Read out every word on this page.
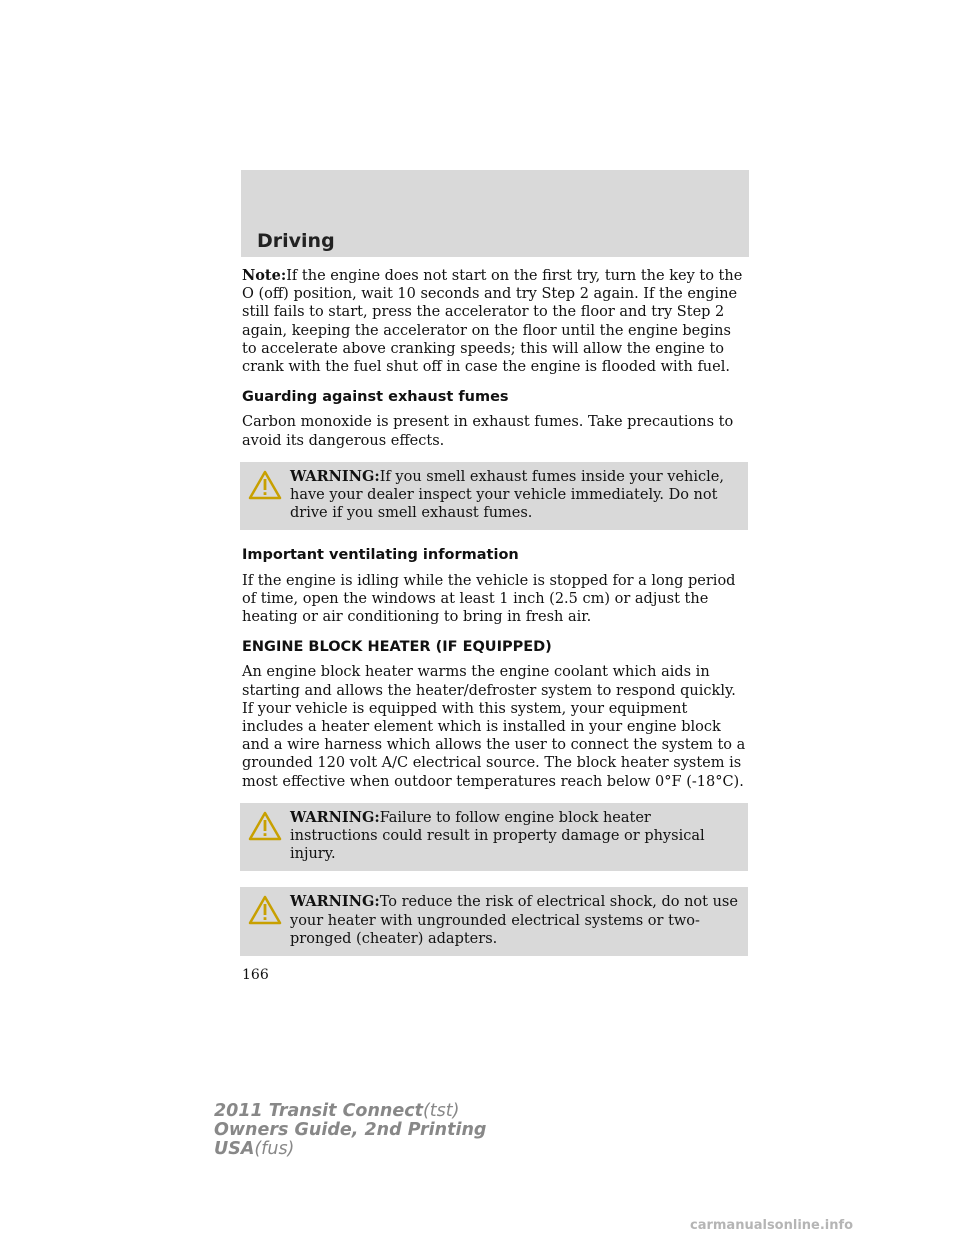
Driving

Note:If the engine does not start on the first try, turn the key to the O (off) position, wait 10 seconds and try Step 2 again. If the engine still fails to start, press the accelerator to the floor and try Step 2 again, keeping the accelerator on the floor until the engine begins to accelerate above cranking speeds; this will allow the engine to crank with the fuel shut off in case the engine is flooded with fuel.

Guarding against exhaust fumes

Carbon monoxide is present in exhaust fumes. Take precautions to avoid its dangerous effects.

WARNING:If you smell exhaust fumes inside your vehicle, have your dealer inspect your vehicle immediately. Do not drive if you smell exhaust fumes.
Important ventilating information

If the engine is idling while the vehicle is stopped for a long period of time, open the windows at least 1 inch (2.5 cm) or adjust the heating or air conditioning to bring in fresh air.

ENGINE BLOCK HEATER (IF EQUIPPED)

An engine block heater warms the engine coolant which aids in starting and allows the heater/defroster system to respond quickly. If your vehicle is equipped with this system, your equipment includes a heater element which is installed in your engine block and a wire harness which allows the user to connect the system to a grounded 120 volt A/C electrical source. The block heater system is most effective when outdoor temperatures reach below 0°F (-18°C).

WARNING:Failure to follow engine block heater instructions could result in property damage or physical injury.
WARNING:To reduce the risk of electrical shock, do not use your heater with ungrounded electrical systems or two-pronged (cheater) adapters.
166
2011 Transit Connect(tst)
Owners Guide, 2nd Printing
USA(fus)
carmanualsonline.info
